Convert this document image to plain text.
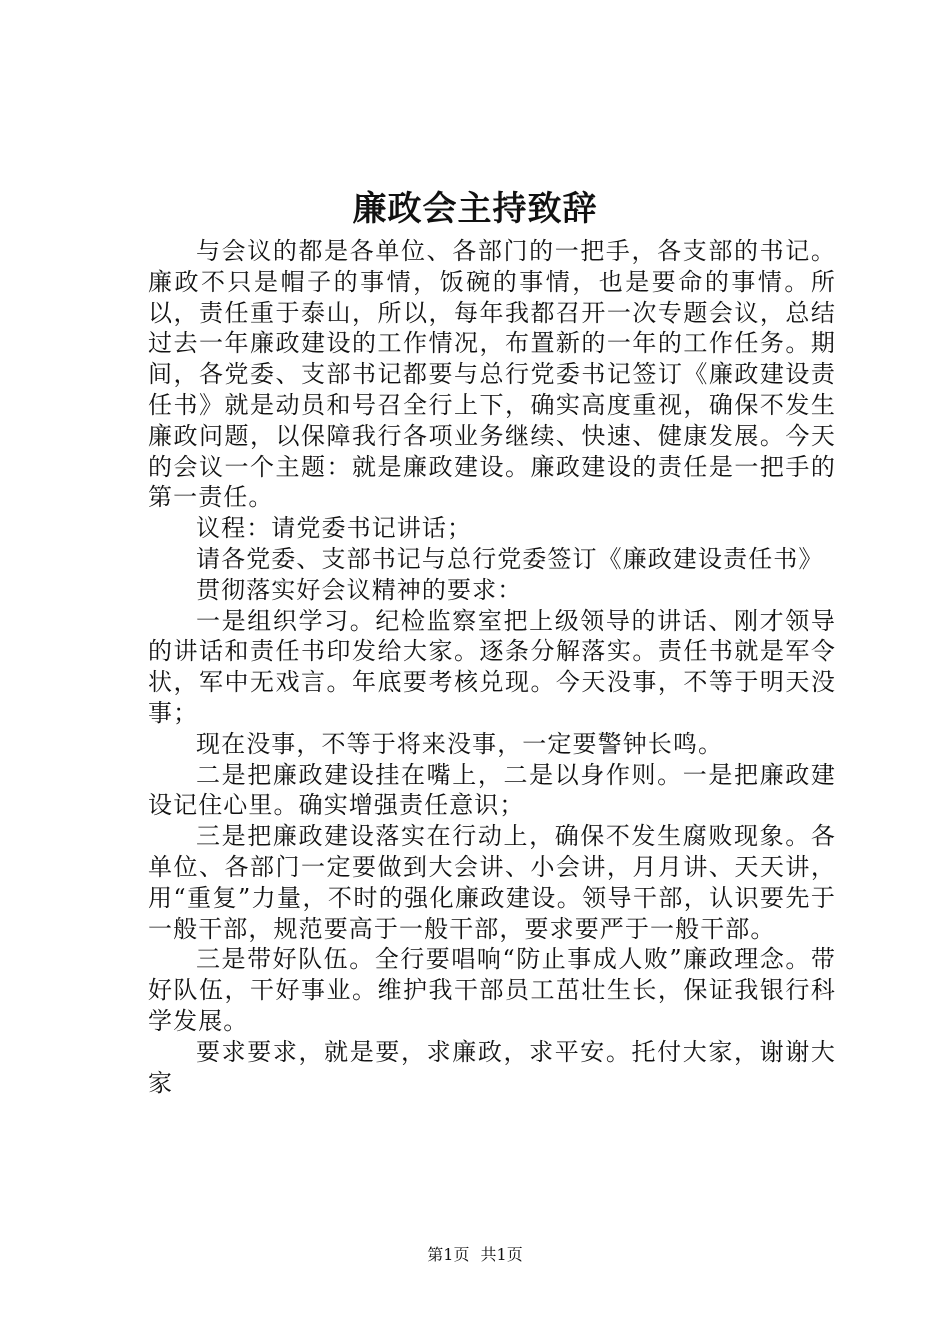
廉政会主持致辞

与会议的都是各单位、各部门的一把手，各支部的书记。廉政不只是帽子的事情，饭碗的事情，也是要命的事情。所以，责任重于泰山，所以，每年我都召开一次专题会议，总结过去一年廉政建设的工作情况，布置新的一年的工作任务。期间，各党委、支部书记都要与总行党委书记签订《廉政建设责任书》就是动员和号召全行上下，确实高度重视，确保不发生廉政问题，以保障我行各项业务继续、快速、健康发展。今天的会议一个主题：就是廉政建设。廉政建设的责任是一把手的第一责任。

议程：请党委书记讲话；

请各党委、支部书记与总行党委签订《廉政建设责任书》

贯彻落实好会议精神的要求：

一是组织学习。纪检监察室把上级领导的讲话、刚才领导的讲话和责任书印发给大家。逐条分解落实。责任书就是军令状，军中无戏言。年底要考核兑现。今天没事，不等于明天没事；

现在没事，不等于将来没事，一定要警钟长鸣。

二是把廉政建设挂在嘴上，二是以身作则。一是把廉政建设记住心里。确实增强责任意识；

三是把廉政建设落实在行动上，确保不发生腐败现象。各单位、各部门一定要做到大会讲、小会讲，月月讲、天天讲，用“重复”力量，不时的强化廉政建设。领导干部，认识要先于一般干部，规范要高于一般干部，要求要严于一般干部。

三是带好队伍。全行要唱响“防止事成人败”廉政理念。带好队伍，干好事业。维护我干部员工茁壮生长，保证我银行科学发展。

要求要求，就是要，求廉政，求平安。托付大家，谢谢大家

第1页 共1页
